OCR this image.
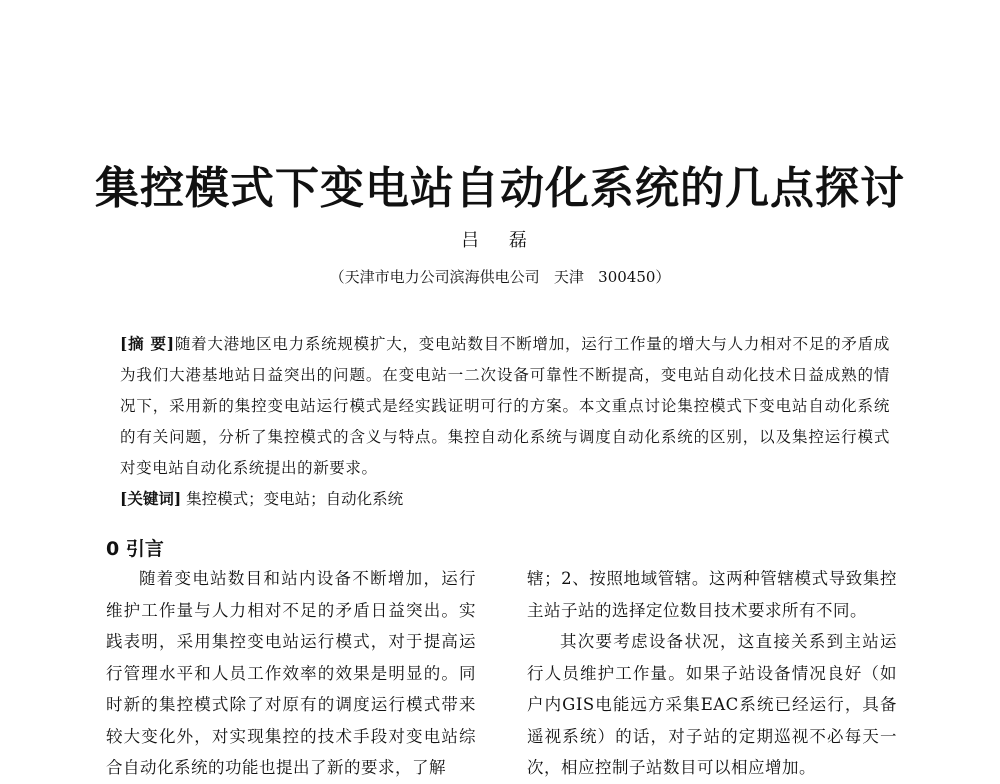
集控模式下变电站自动化系统的几点探讨
吕 磊
（天津市电力公司滨海供电公司   天津   300450）
[摘 要]随着大港地区电力系统规模扩大，变电站数目不断增加，运行工作量的增大与人力相对不足的矛盾成为我们大港基地站日益突出的问题。在变电站一二次设备可靠性不断提高，变电站自动化技术日益成熟的情况下，采用新的集控变电站运行模式是经实践证明可行的方案。本文重点讨论集控模式下变电站自动化系统的有关问题，分析了集控模式的含义与特点。集控自动化系统与调度自动化系统的区别，以及集控运行模式对变电站自动化系统提出的新要求。
[关键词] 集控模式；变电站；自动化系统
0 引言

随着变电站数目和站内设备不断增加，运行维护工作量与人力相对不足的矛盾日益突出。实践表明，采用集控变电站运行模式，对于提高运行管理水平和人员工作效率的效果是明显的。同时新的集控模式除了对原有的调度运行模式带来较大变化外，对实现集控的技术手段对变电站综合自动化系统的功能也提出了新的要求，了解

辖；2、按照地域管辖。这两种管辖模式导致集控主站子站的选择定位数目技术要求所有不同。

其次要考虑设备状况，这直接关系到主站运行人员维护工作量。如果子站设备情况良好（如户内GIS电能远方采集EAC系统已经运行，具备遥视系统）的话，对子站的定期巡视不必每天一次，相应控制子站数目可以相应增加。
